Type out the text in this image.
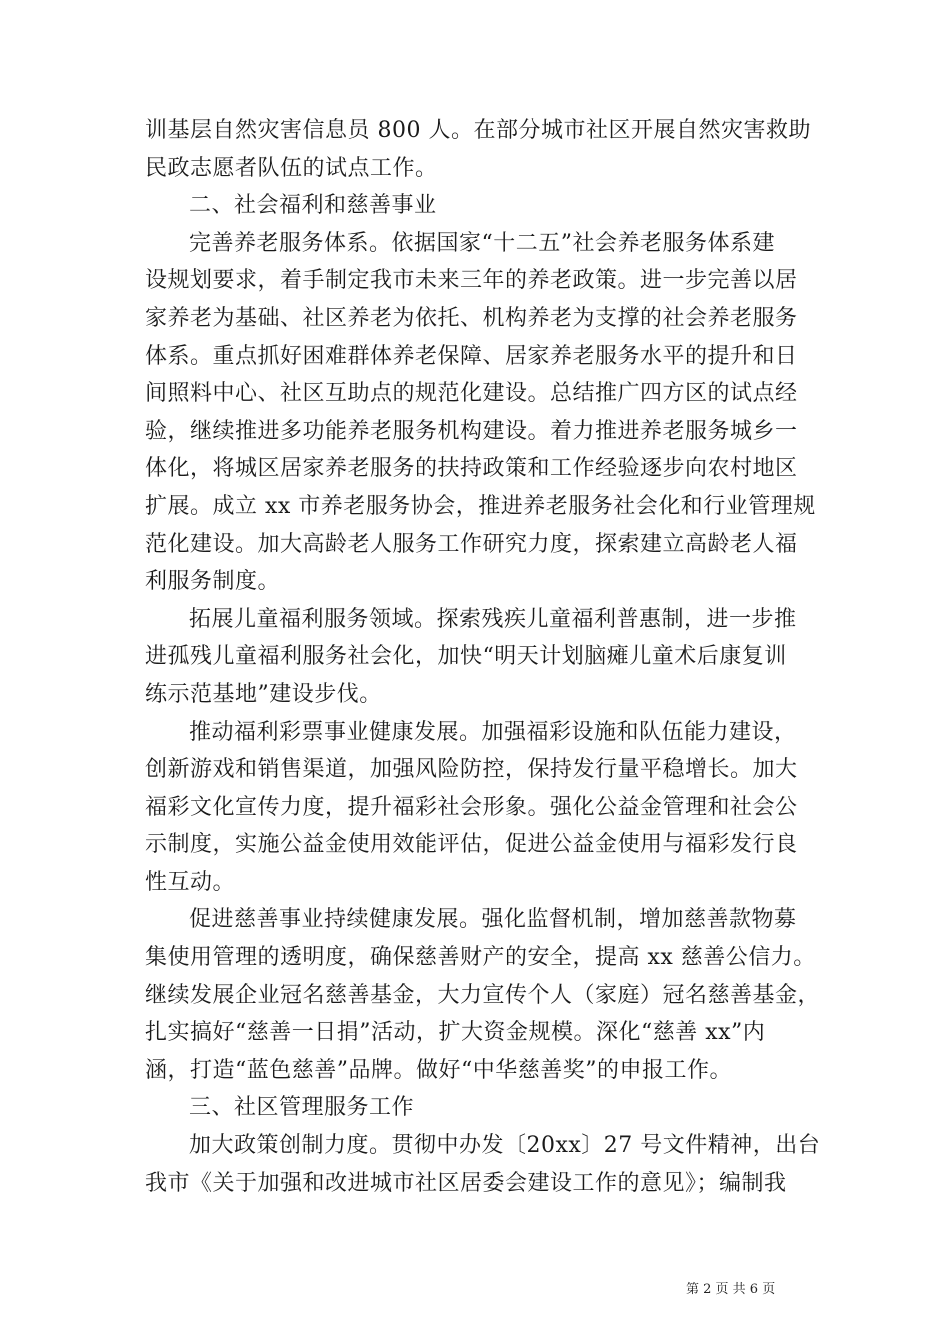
训基层自然灾害信息员 800 人。在部分城市社区开展自然灾害救助
民政志愿者队伍的试点工作。
二、社会福利和慈善事业
完善养老服务体系。依据国家“十二五”社会养老服务体系建
设规划要求，着手制定我市未来三年的养老政策。进一步完善以居
家养老为基础、社区养老为依托、机构养老为支撑的社会养老服务
体系。重点抓好困难群体养老保障、居家养老服务水平的提升和日
间照料中心、社区互助点的规范化建设。总结推广四方区的试点经
验，继续推进多功能养老服务机构建设。着力推进养老服务城乡一
体化，将城区居家养老服务的扶持政策和工作经验逐步向农村地区
扩展。成立 xx 市养老服务协会，推进养老服务社会化和行业管理规
范化建设。加大高龄老人服务工作研究力度，探索建立高龄老人福
利服务制度。
拓展儿童福利服务领域。探索残疾儿童福利普惠制，进一步推
进孤残儿童福利服务社会化，加快“明天计划脑瘫儿童术后康复训
练示范基地”建设步伐。
推动福利彩票事业健康发展。加强福彩设施和队伍能力建设，
创新游戏和销售渠道，加强风险防控，保持发行量平稳增长。加大
福彩文化宣传力度，提升福彩社会形象。强化公益金管理和社会公
示制度，实施公益金使用效能评估，促进公益金使用与福彩发行良
性互动。
促进慈善事业持续健康发展。强化监督机制，增加慈善款物募
集使用管理的透明度，确保慈善财产的安全，提高 xx 慈善公信力。
继续发展企业冠名慈善基金，大力宣传个人（家庭）冠名慈善基金，
扎实搞好“慈善一日捐”活动，扩大资金规模。深化“慈善 xx”内
涵，打造“蓝色慈善”品牌。做好“中华慈善奖”的申报工作。
三、社区管理服务工作
加大政策创制力度。贯彻中办发〔20xx〕27 号文件精神，出台
我市《关于加强和改进城市社区居委会建设工作的意见》；编制我
第 2 页 共 6 页
